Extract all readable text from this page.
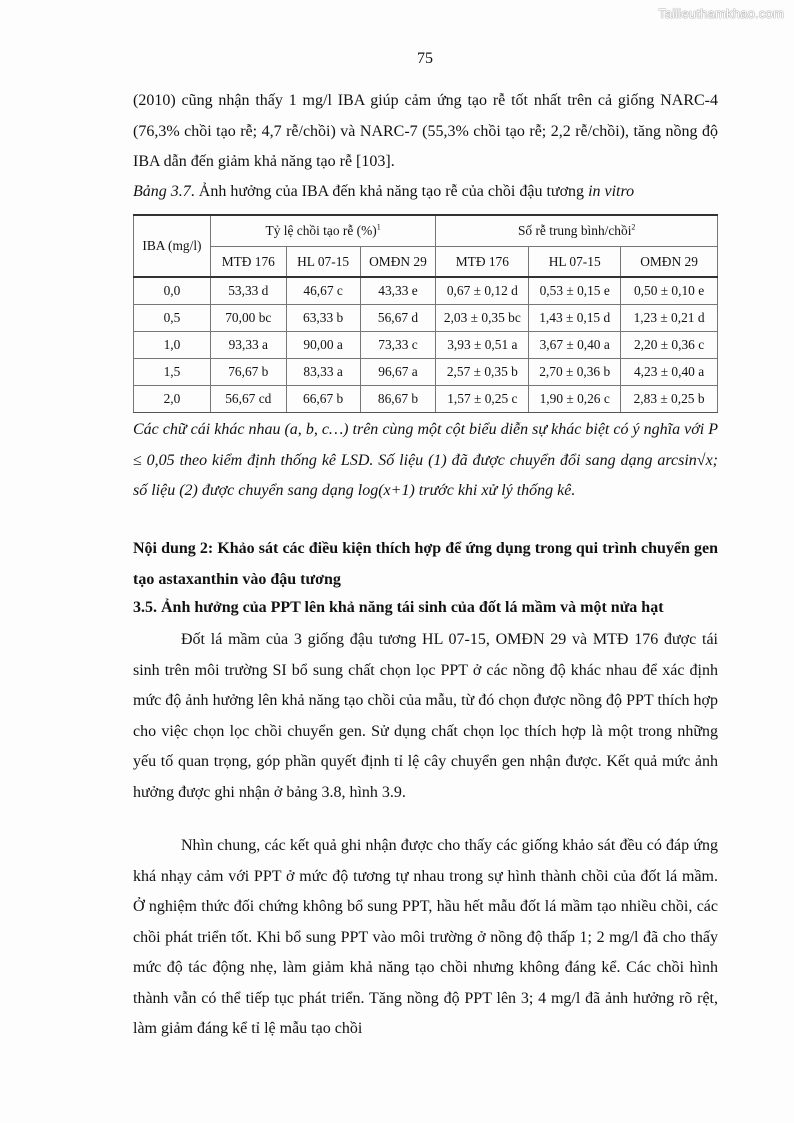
Tailieuthamkhao.com
75
(2010) cũng nhận thấy 1 mg/l IBA giúp cảm ứng tạo rễ tốt nhất trên cả giống NARC-4 (76,3% chồi tạo rễ; 4,7 rễ/chồi) và NARC-7 (55,3% chồi tạo rễ; 2,2 rễ/chồi), tăng nồng độ IBA dẫn đến giảm khả năng tạo rễ [103].
Bảng 3.7. Ảnh hưởng của IBA đến khả năng tạo rễ của chồi đậu tương in vitro
IBA (mg/l)	Tỷ lệ chồi tạo rễ (%)$^1$			Số rễ trung bình/chồi$^2$
	MTĐ 176	HL 07-15	OMĐN 29	MTĐ 176	HL 07-15	OMĐN 29
0,0	53,33 d	46,67 c	43,33 e	0,67 ± 0,12 d	0,53 ± 0,15 e	0,50 ± 0,10 e
0,5	70,00 bc	63,33 b	56,67 d	2,03 ± 0,35 bc	1,43 ± 0,15 d	1,23 ± 0,21 d
1,0	93,33 a	90,00 a	73,33 c	3,93 ± 0,51 a	3,67 ± 0,40 a	2,20 ± 0,36 c
1,5	76,67 b	83,33 a	96,67 a	2,57 ± 0,35 b	2,70 ± 0,36 b	4,23 ± 0,40 a
2,0	56,67 cd	66,67 b	86,67 b	1,57 ± 0,25 c	1,90 ± 0,26 c	2,83 ± 0,25 b
Các chữ cái khác nhau (a, b, c…) trên cùng một cột biểu diễn sự khác biệt có ý nghĩa với P ≤ 0,05 theo kiểm định thống kê LSD. Số liệu (1) đã được chuyển đổi sang dạng arcsin√x; số liệu (2) được chuyển sang dạng log(x+1) trước khi xử lý thống kê.
Nội dung 2: Khảo sát các điều kiện thích hợp để ứng dụng trong qui trình chuyển gen tạo astaxanthin vào đậu tương
3.5. Ảnh hưởng của PPT lên khả năng tái sinh của đốt lá mầm và một nửa hạt
Đốt lá mầm của 3 giống đậu tương HL 07-15, OMĐN 29 và MTĐ 176 được tái sinh trên môi trường SI bổ sung chất chọn lọc PPT ở các nồng độ khác nhau để xác định mức độ ảnh hưởng lên khả năng tạo chồi của mẫu, từ đó chọn được nồng độ PPT thích hợp cho việc chọn lọc chồi chuyển gen. Sử dụng chất chọn lọc thích hợp là một trong những yếu tố quan trọng, góp phần quyết định tỉ lệ cây chuyển gen nhận được. Kết quả mức ảnh hưởng được ghi nhận ở bảng 3.8, hình 3.9.
Nhìn chung, các kết quả ghi nhận được cho thấy các giống khảo sát đều có đáp ứng khá nhạy cảm với PPT ở mức độ tương tự nhau trong sự hình thành chồi của đốt lá mầm. Ở nghiệm thức đối chứng không bổ sung PPT, hầu hết mẫu đốt lá mầm tạo nhiều chồi, các chồi phát triển tốt. Khi bổ sung PPT vào môi trường ở nồng độ thấp 1; 2 mg/l đã cho thấy mức độ tác động nhẹ, làm giảm khả năng tạo chồi nhưng không đáng kể. Các chồi hình thành vẫn có thể tiếp tục phát triển. Tăng nồng độ PPT lên 3; 4 mg/l đã ảnh hưởng rõ rệt, làm giảm đáng kể tỉ lệ mẫu tạo chồi
